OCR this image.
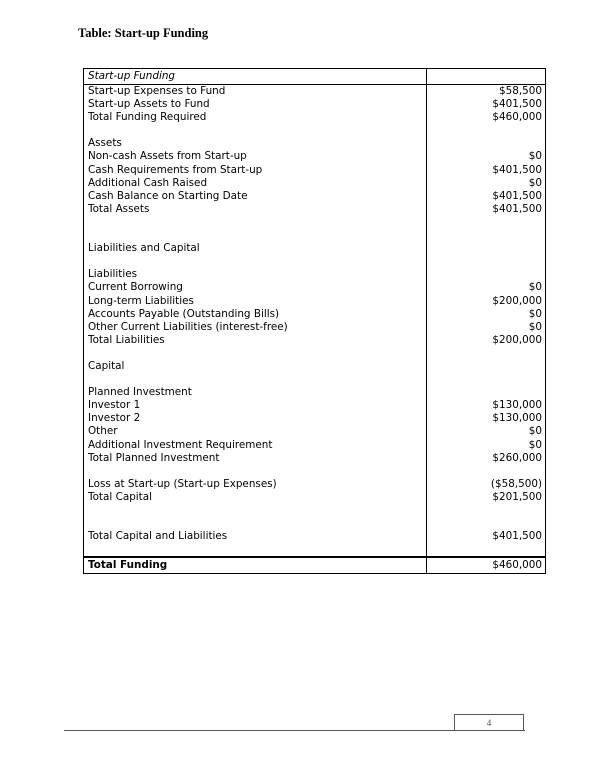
Table: Start-up Funding
Start-up Funding
Start-up Expenses to Fund	$58,500
Start-up Assets to Fund	$401,500
Total Funding Required	$460,000
Assets
Non-cash Assets from Start-up	$0
Cash Requirements from Start-up	$401,500
Additional Cash Raised	$0
Cash Balance on Starting Date	$401,500
Total Assets	$401,500
Liabilities and Capital
Liabilities
Current Borrowing	$0
Long-term Liabilities	$200,000
Accounts Payable (Outstanding Bills)	$0
Other Current Liabilities (interest-free)	$0
Total Liabilities	$200,000
Capital
Planned Investment
Investor 1	$130,000
Investor 2	$130,000
Other	$0
Additional Investment Requirement	$0
Total Planned Investment	$260,000
Loss at Start-up (Start-up Expenses)	($58,500)
Total Capital	$201,500
Total Capital and Liabilities	$401,500
Total Funding	$460,000
4
